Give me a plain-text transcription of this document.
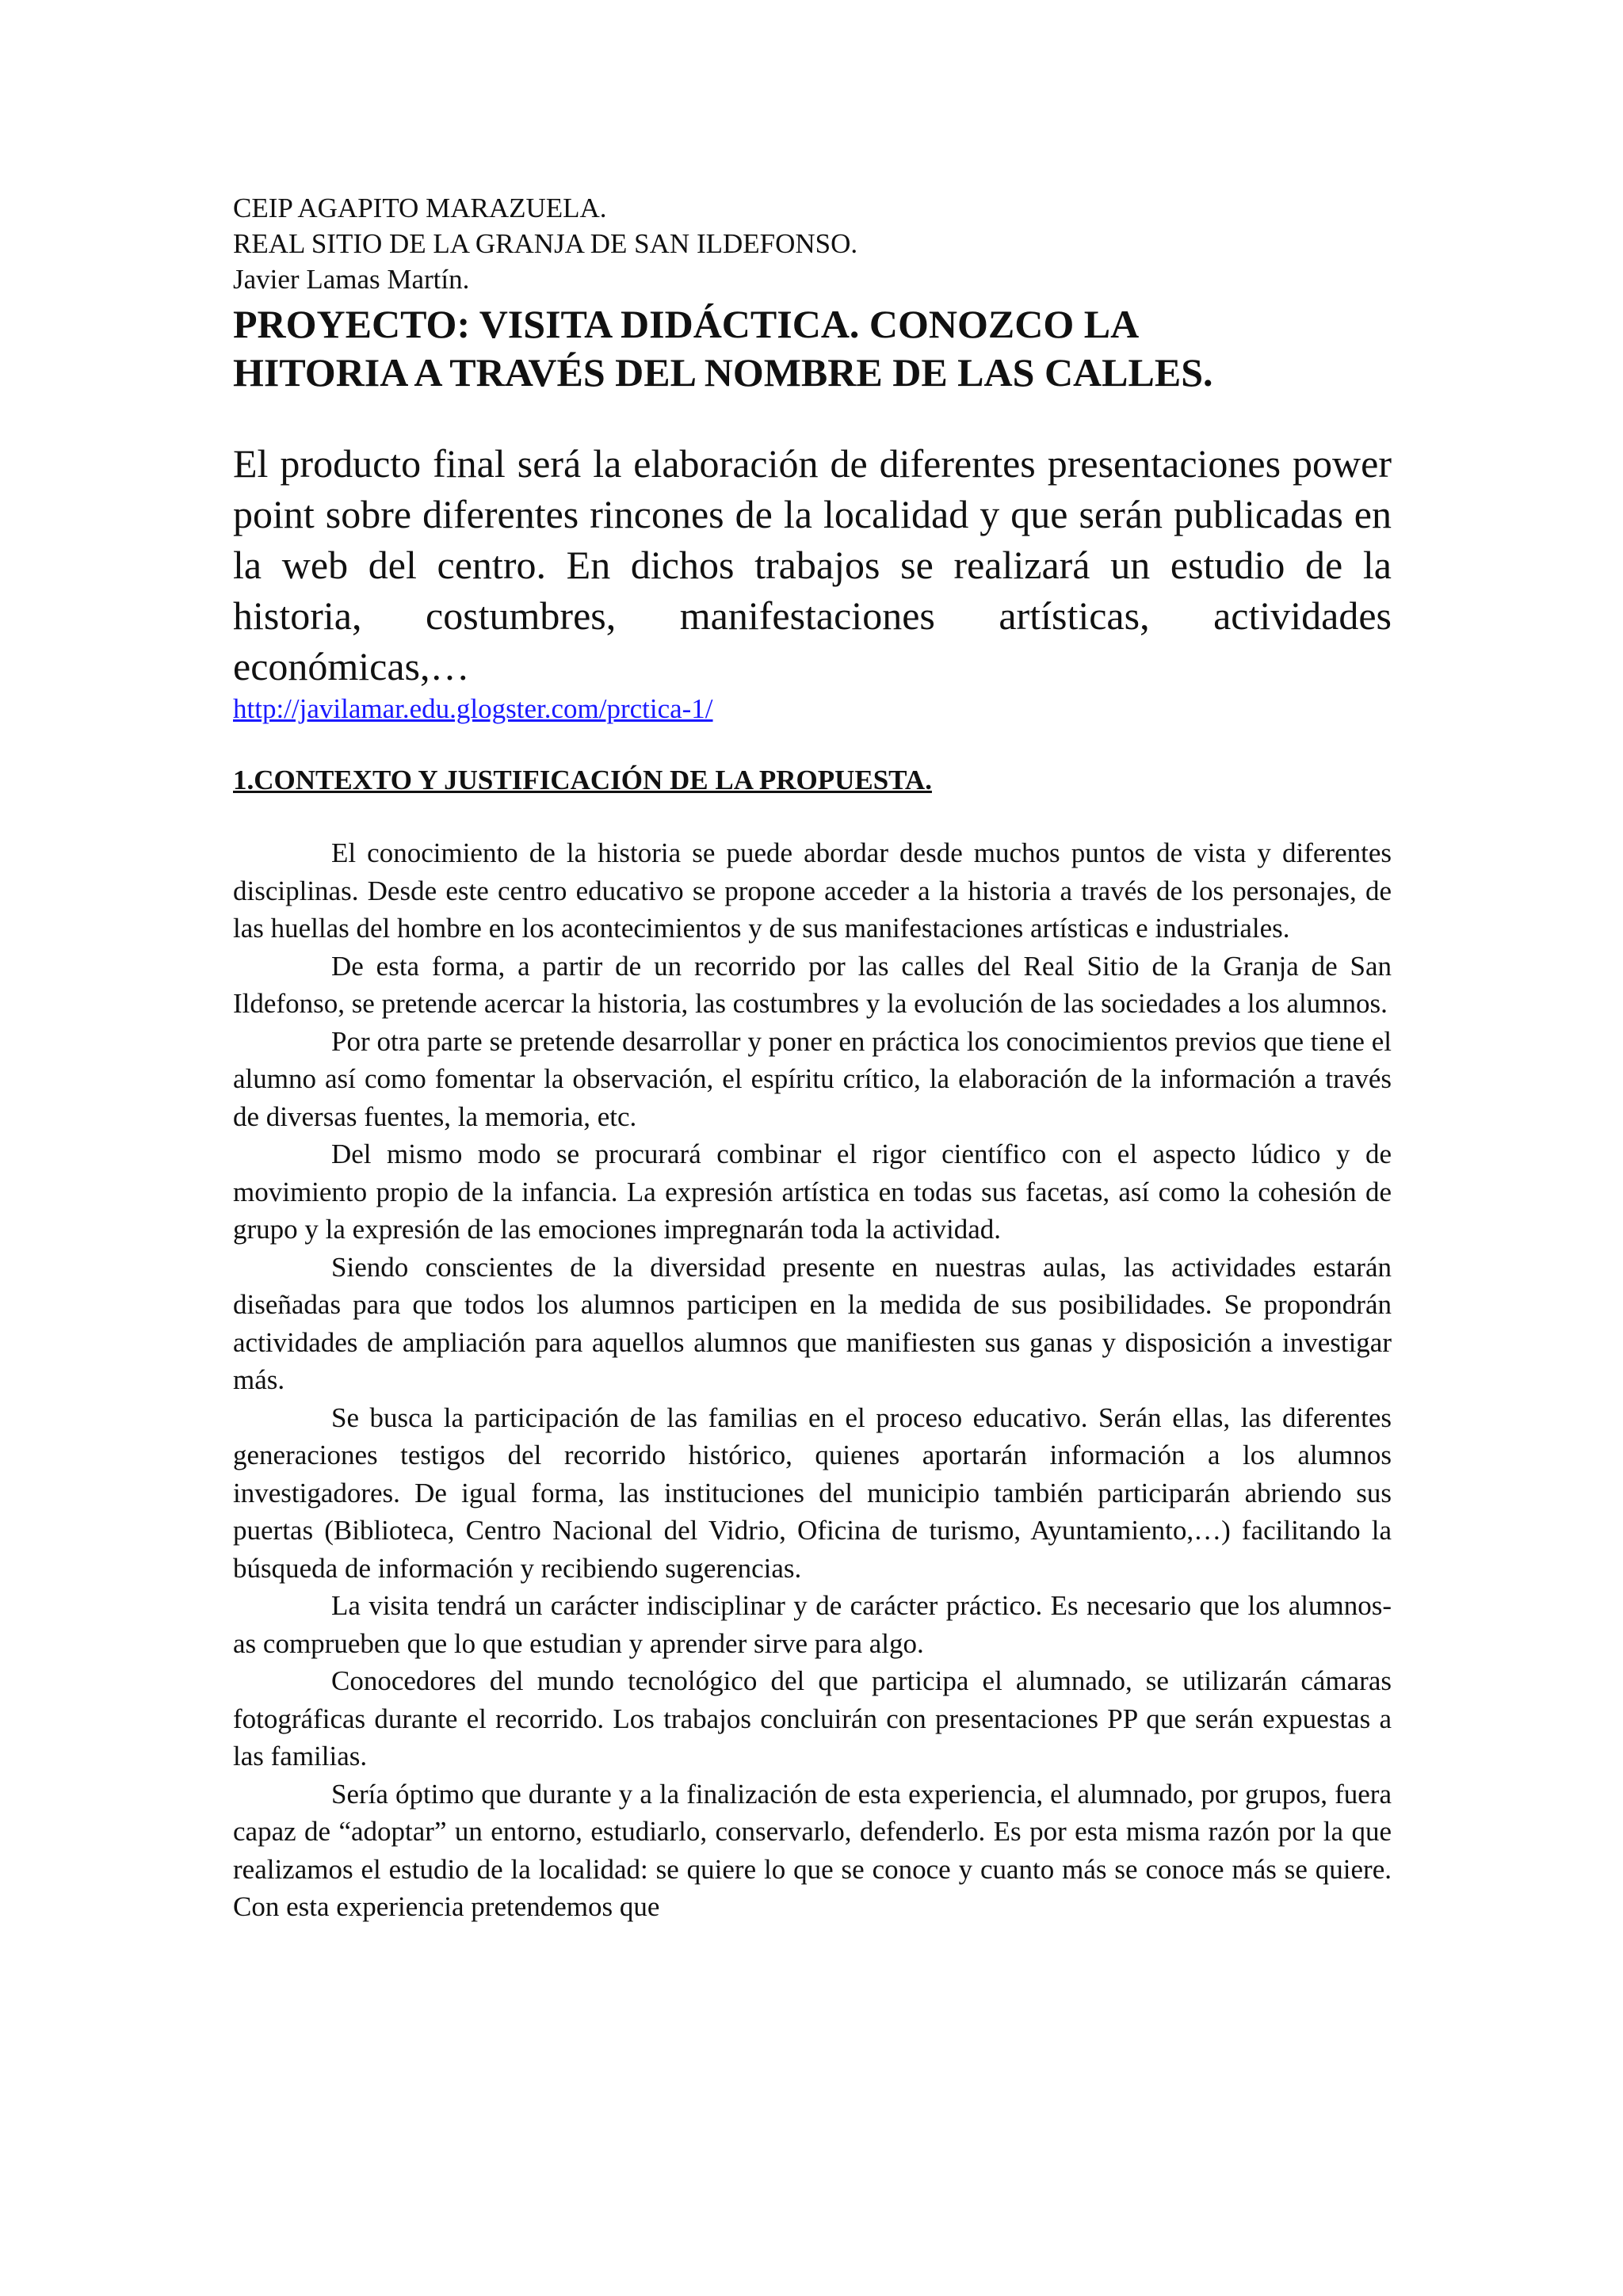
CEIP AGAPITO MARAZUELA.

REAL SITIO DE LA GRANJA DE SAN ILDEFONSO.

Javier Lamas Martín.

PROYECTO: VISITA DIDÁCTICA. CONOZCO LA
HITORIA A TRAVÉS DEL NOMBRE DE LAS CALLES.

El producto final será la elaboración de diferentes presentaciones power point sobre diferentes rincones de la localidad y que serán publicadas en la web del centro. En dichos trabajos se realizará un estudio de la historia, costumbres, manifestaciones artísticas, actividades económicas,…

http://javilamar.edu.glogster.com/prctica-1/
1.CONTEXTO Y JUSTIFICACIÓN DE LA PROPUESTA.

El conocimiento de la historia se puede abordar desde muchos puntos de vista y diferentes disciplinas. Desde este centro educativo se propone acceder a la historia a través de los personajes, de las huellas del hombre en los acontecimientos y de sus manifestaciones artísticas e industriales.

De esta forma, a partir de un recorrido por las calles del Real Sitio de la Granja de San Ildefonso, se pretende acercar la historia, las costumbres y la evolución de las sociedades a los alumnos.

Por otra parte se pretende desarrollar y poner en práctica los conocimientos previos que tiene el alumno así como fomentar la observación, el espíritu crítico, la elaboración de la información a través de diversas fuentes, la memoria, etc.

Del mismo modo se procurará combinar el rigor científico con el aspecto lúdico y de movimiento propio de la infancia. La expresión artística en todas sus facetas, así como la cohesión de grupo y la expresión de las emociones impregnarán toda la actividad.

Siendo conscientes de la diversidad presente en nuestras aulas, las actividades estarán diseñadas para que todos los alumnos participen en la medida de sus posibilidades. Se propondrán actividades de ampliación para aquellos alumnos que manifiesten sus ganas y disposición a investigar más.

Se busca la participación de las familias en el proceso educativo. Serán ellas, las diferentes generaciones testigos del recorrido histórico, quienes aportarán información a los alumnos investigadores. De igual forma, las instituciones del municipio también participarán abriendo sus puertas (Biblioteca, Centro Nacional del Vidrio, Oficina de turismo, Ayuntamiento,…) facilitando la búsqueda de información y recibiendo sugerencias.

La visita tendrá un carácter indisciplinar y de carácter práctico. Es necesario que los alumnos-as comprueben que lo que estudian y aprender sirve para algo.

Conocedores del mundo tecnológico del que participa el alumnado, se utilizarán cámaras fotográficas durante el recorrido. Los trabajos concluirán con presentaciones PP que serán expuestas a las familias.

Sería óptimo que durante y a la finalización de esta experiencia, el alumnado, por grupos, fuera capaz de “adoptar” un entorno, estudiarlo, conservarlo, defenderlo. Es por esta misma razón por la que realizamos el estudio de la localidad: se quiere lo que se conoce y cuanto más se conoce más se quiere. Con esta experiencia pretendemos que
